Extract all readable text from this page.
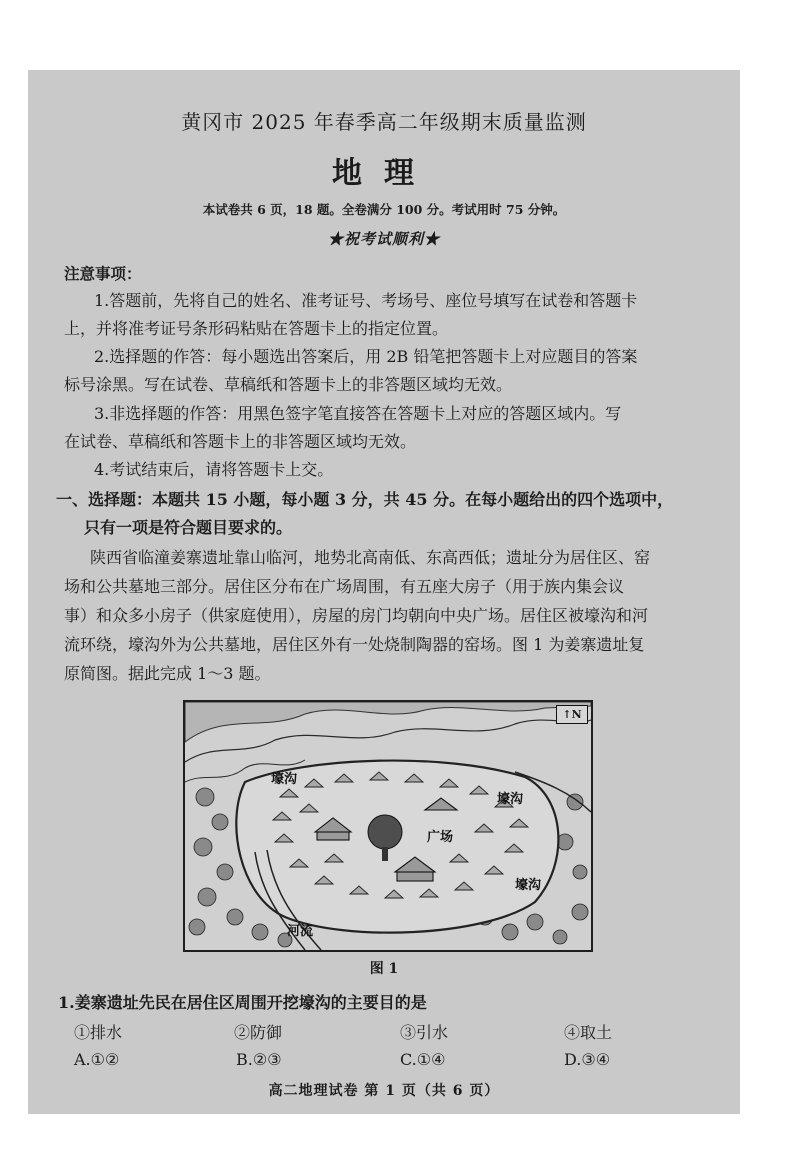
黄冈市 2025 年春季高二年级期末质量监测
地理
本试卷共 6 页，18 题。全卷满分 100 分。考试用时 75 分钟。
★祝考试顺利★
注意事项：
1.答题前，先将自己的姓名、准考证号、考场号、座位号填写在试卷和答题卡
上，并将准考证号条形码粘贴在答题卡上的指定位置。
2.选择题的作答：每小题选出答案后，用 2B 铅笔把答题卡上对应题目的答案
标号涂黑。写在试卷、草稿纸和答题卡上的非答题区域均无效。
3.非选择题的作答：用黑色签字笔直接答在答题卡上对应的答题区域内。写
在试卷、草稿纸和答题卡上的非答题区域均无效。
4.考试结束后，请将答题卡上交。
一、选择题：本题共 15 小题，每小题 3 分，共 45 分。在每小题给出的四个选项中，
只有一项是符合题目要求的。
陕西省临潼姜寨遗址靠山临河，地势北高南低、东高西低；遗址分为居住区、窑
场和公共墓地三部分。居住区分布在广场周围，有五座大房子（用于族内集会议
事）和众多小房子（供家庭使用），房屋的房门均朝向中央广场。居住区被壕沟和河
流环绕，壕沟外为公共墓地，居住区外有一处烧制陶器的窑场。图 1 为姜寨遗址复
原简图。据此完成 1～3 题。
↑N
壕沟
壕沟
广场
壕沟
河流
图 1
1.姜寨遗址先民在居住区周围开挖壕沟的主要目的是
①排水	②防御	③引水	④取土
A.①②	B.②③	C.①④	D.③④
高二地理试卷 第 1 页（共 6 页）
